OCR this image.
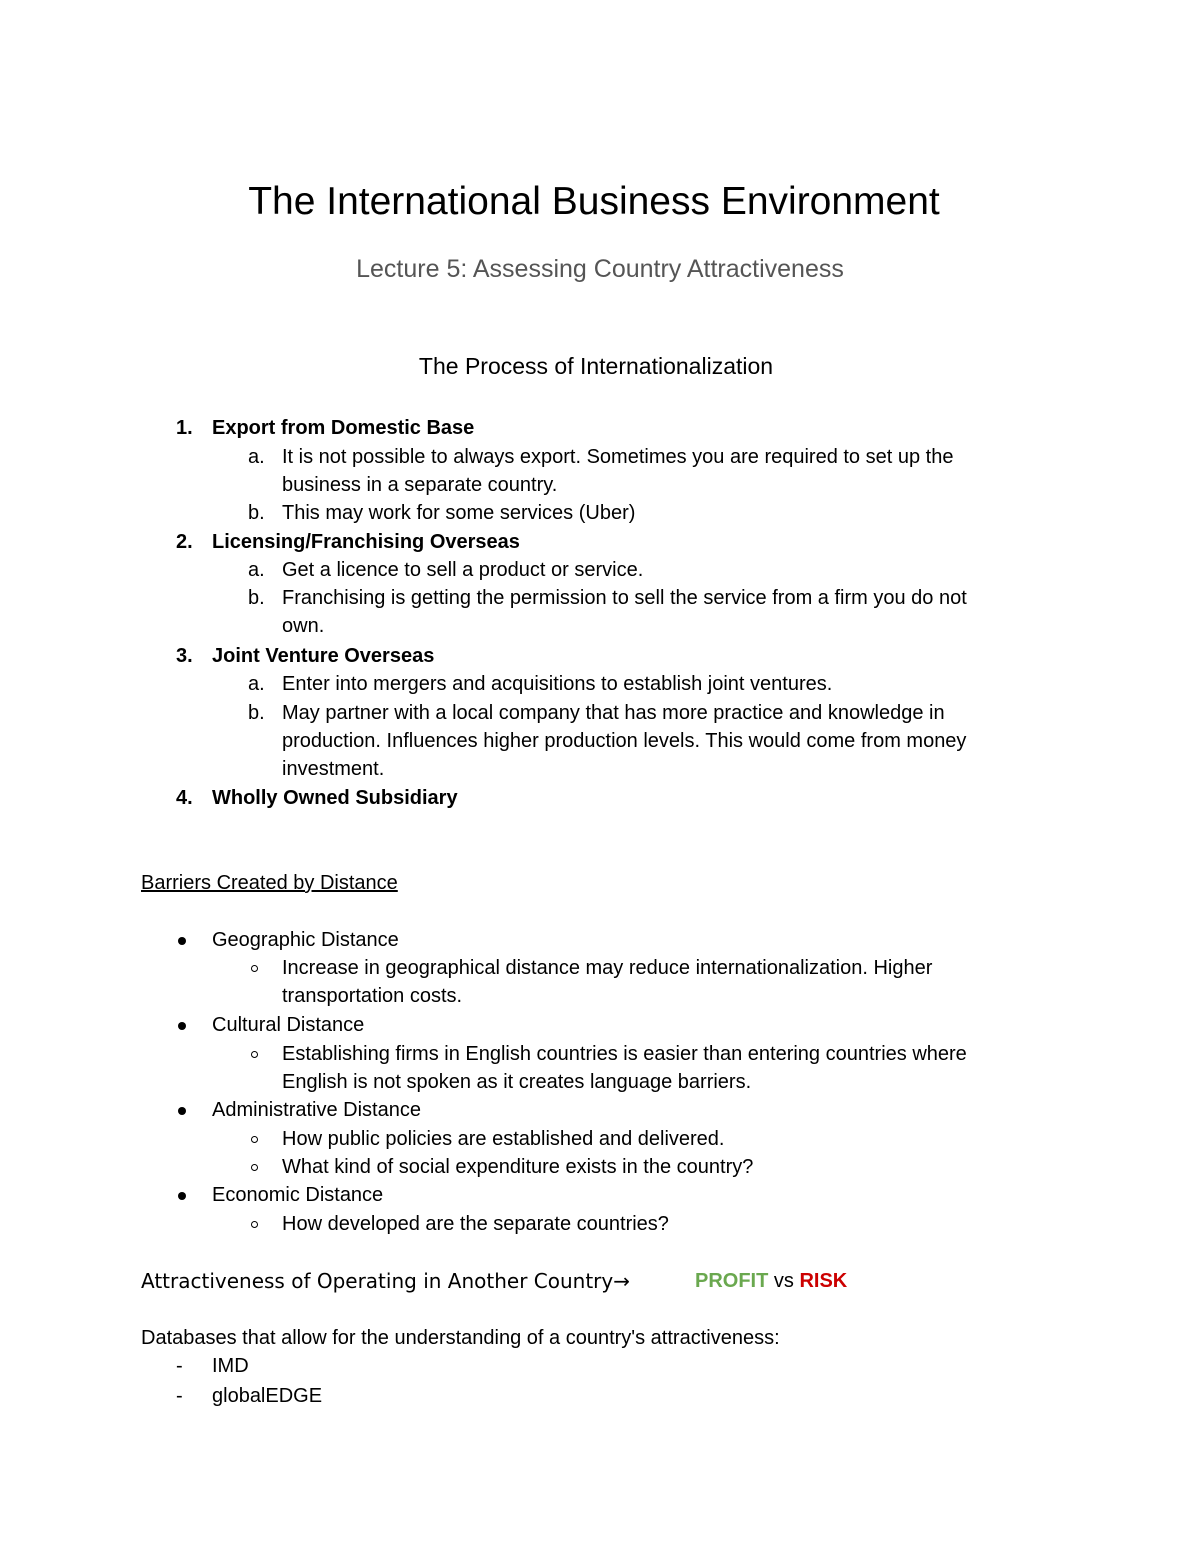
The International Business Environment
Lecture 5: Assessing Country Attractiveness
The Process of Internationalization
1. Export from Domestic Base
a. It is not possible to always export. Sometimes you are required to set up the
business in a separate country.
b. This may work for some services (Uber)
2. Licensing/Franchising Overseas
a. Get a licence to sell a product or service.
b. Franchising is getting the permission to sell the service from a firm you do not
own.
3. Joint Venture Overseas
a. Enter into mergers and acquisitions to establish joint ventures.
b. May partner with a local company that has more practice and knowledge in
production. Influences higher production levels. This would come from money
investment.
4. Wholly Owned Subsidiary
Barriers Created by Distance
Geographic Distance
Increase in geographical distance may reduce internationalization. Higher
transportation costs.
Cultural Distance
Establishing firms in English countries is easier than entering countries where
English is not spoken as it creates language barriers.
Administrative Distance
How public policies are established and delivered.
What kind of social expenditure exists in the country?
Economic Distance
How developed are the separate countries?
Attractiveness of Operating in Another Country→	PROFIT vs RISK
Databases that allow for the understanding of a country's attractiveness:
- IMD
- globalEDGE
